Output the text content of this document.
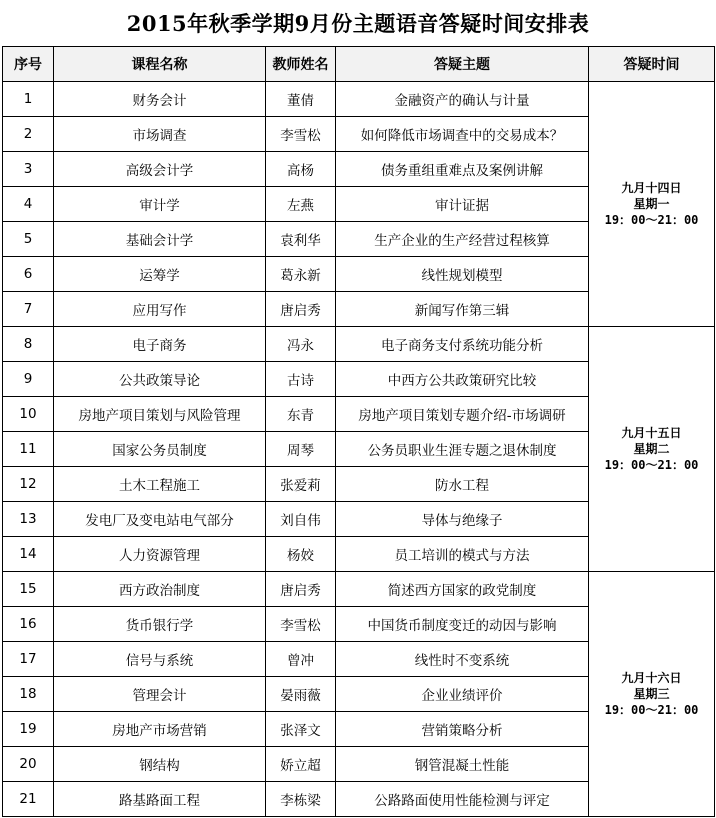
2015年秋季学期9月份主题语音答疑时间安排表
序号	课程名称	教师姓名	答疑主题	答疑时间
1	财务会计	董倩	金融资产的确认与计量	九月十四日
星期一
19：00～21：00

2	市场调查	李雪松	如何降低市场调查中的交易成本？	
3	高级会计学	高杨	债务重组重难点及案例讲解	
4	审计学	左燕	审计证据	
5	基础会计学	袁利华	生产企业的生产经营过程核算	
6	运筹学	葛永新	线性规划模型	
7	应用写作	唐启秀	新闻写作第三辑	
8	电子商务	冯永	电子商务支付系统功能分析	九月十五日
星期二
19：00～21：00

9	公共政策导论	古诗	中西方公共政策研究比较	
10	房地产项目策划与风险管理	东青	房地产项目策划专题介绍-市场调研	
11	国家公务员制度	周琴	公务员职业生涯专题之退休制度	
12	土木工程施工	张爱莉	防水工程	
13	发电厂及变电站电气部分	刘自伟	导体与绝缘子	
14	人力资源管理	杨姣	员工培训的模式与方法	
15	西方政治制度	唐启秀	简述西方国家的政党制度	九月十六日
星期三
19：00～21：00

16	货币银行学	李雪松	中国货币制度变迁的动因与影响	
17	信号与系统	曾冲	线性时不变系统	
18	管理会计	晏雨薇	企业业绩评价	
19	房地产市场营销	张泽文	营销策略分析	
20	钢结构	娇立超	钢管混凝土性能	
21	路基路面工程	李栋梁	公路路面使用性能检测与评定	
